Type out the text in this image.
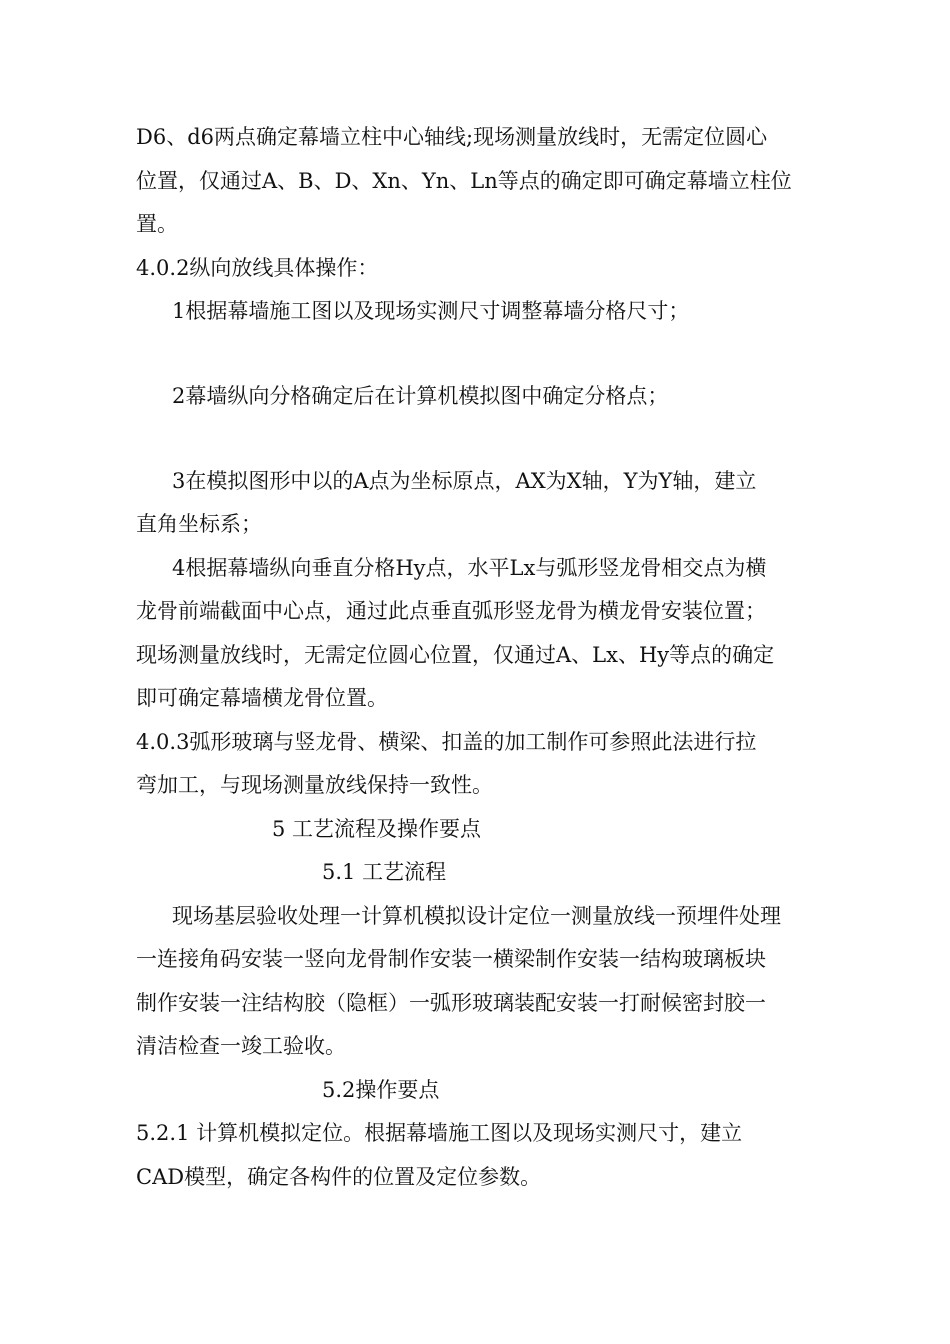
D6、d6两点确定幕墙立柱中心轴线;现场测量放线时，无需定位圆心
位置，仅通过A、B、D、Xn、Yn、Ln等点的确定即可确定幕墙立柱位
置。
4.0.2纵向放线具体操作：
1根据幕墙施工图以及现场实测尺寸调整幕墙分格尺寸；
2幕墙纵向分格确定后在计算机模拟图中确定分格点；
3在模拟图形中以的A点为坐标原点，AX为X轴，Y为Y轴，建立
直角坐标系；
4根据幕墙纵向垂直分格Hy点，水平Lx与弧形竖龙骨相交点为横
龙骨前端截面中心点，通过此点垂直弧形竖龙骨为横龙骨安装位置；
现场测量放线时，无需定位圆心位置，仅通过A、Lx、Hy等点的确定
即可确定幕墙横龙骨位置。
4.0.3弧形玻璃与竖龙骨、横梁、扣盖的加工制作可参照此法进行拉
弯加工，与现场测量放线保持一致性。
5 工艺流程及操作要点
5.1 工艺流程
现场基层验收处理一计算机模拟设计定位一测量放线一预埋件处理
一连接角码安装一竖向龙骨制作安装一横梁制作安装一结构玻璃板块
制作安装一注结构胶（隐框）一弧形玻璃装配安装一打耐候密封胶一
清洁检查一竣工验收。
5.2操作要点
5.2.1 计算机模拟定位。根据幕墙施工图以及现场实测尺寸，建立
CAD模型，确定各构件的位置及定位参数。
